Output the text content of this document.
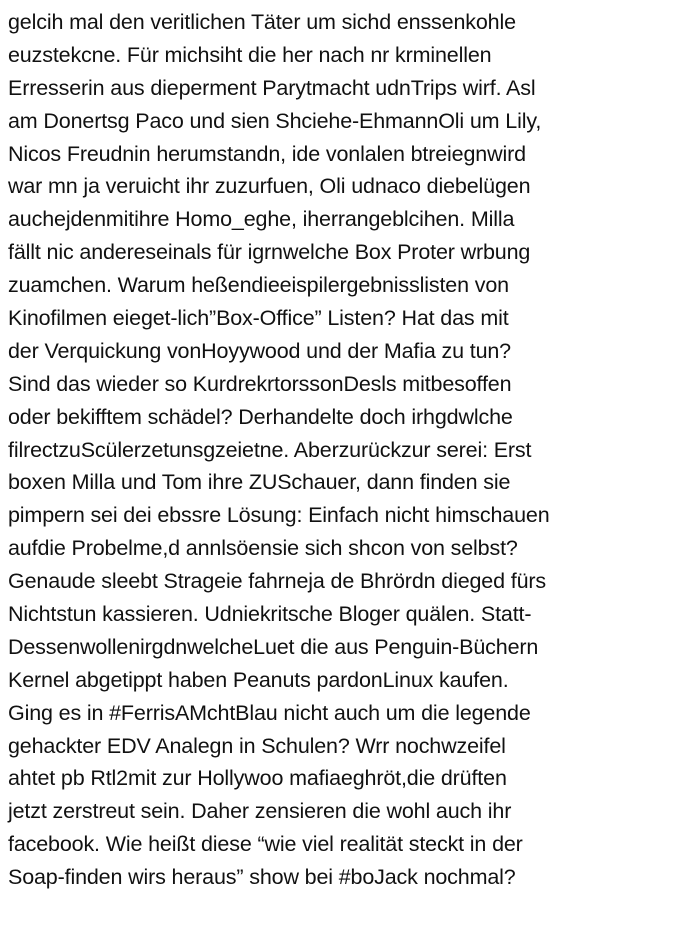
gelcih mal den veritlichen Täter um sichd enssenkohle
euzstekcne. Für michsiht die her nach nr krminellen
Erresserin aus dieperment Parytmacht udnTrips wirf. Asl
am Donertsg Paco und sien Shciehe-EhmannOli um Lily,
Nicos Freudnin herumstandn, ide vonlalen btreiegnwird
war mn ja veruicht ihr zuzurfuen, Oli udnaco diebelügen
auchejdenmitihre Homo_eghe, iherrangeblcihen. Milla
fällt nic andereseinals für igrnwelche Box Proter wrbung
zuamchen. Warum heßendieeispilergebnisslisten von
Kinofilmen eieget-lich”Box-Office” Listen? Hat das mit
der Verquickung vonHoyywood und der Mafia zu tun?
Sind das wieder so KurdrekrtorssonDesls mitbesoffen
oder bekifftem schädel? Derhandelte doch irhgdwlche
filrectzuScülerzetunsgzeietne. Aberzurückzur serei: Erst
boxen Milla und Tom ihre ZUSchauer, dann finden sie
pimpern sei dei ebssre Lösung: Einfach nicht himschauen
aufdie Probelme,d annlsöensie sich shcon von selbst?
Genaude sleebt Strageie fahrneja de Bhrördn dieged fürs
Nichtstun kassieren. Udniekritsche Bloger quälen. Statt-
DessenwollenirgdnwelcheLuet die aus Penguin-Büchern
Kernel abgetippt haben Peanuts pardonLinux kaufen.
Ging es in #FerrisAMchtBlau nicht auch um die legende
gehackter EDV Analegn in Schulen? Wrr nochwzeifel
ahtet pb Rtl2mit zur Hollywoo mafiaeghröt,die drüften
jetzt zerstreut sein. Daher zensieren die wohl auch ihr
facebook. Wie heißt diese “wie viel realität steckt in der
Soap-finden wirs heraus” show bei #boJack nochmal?
